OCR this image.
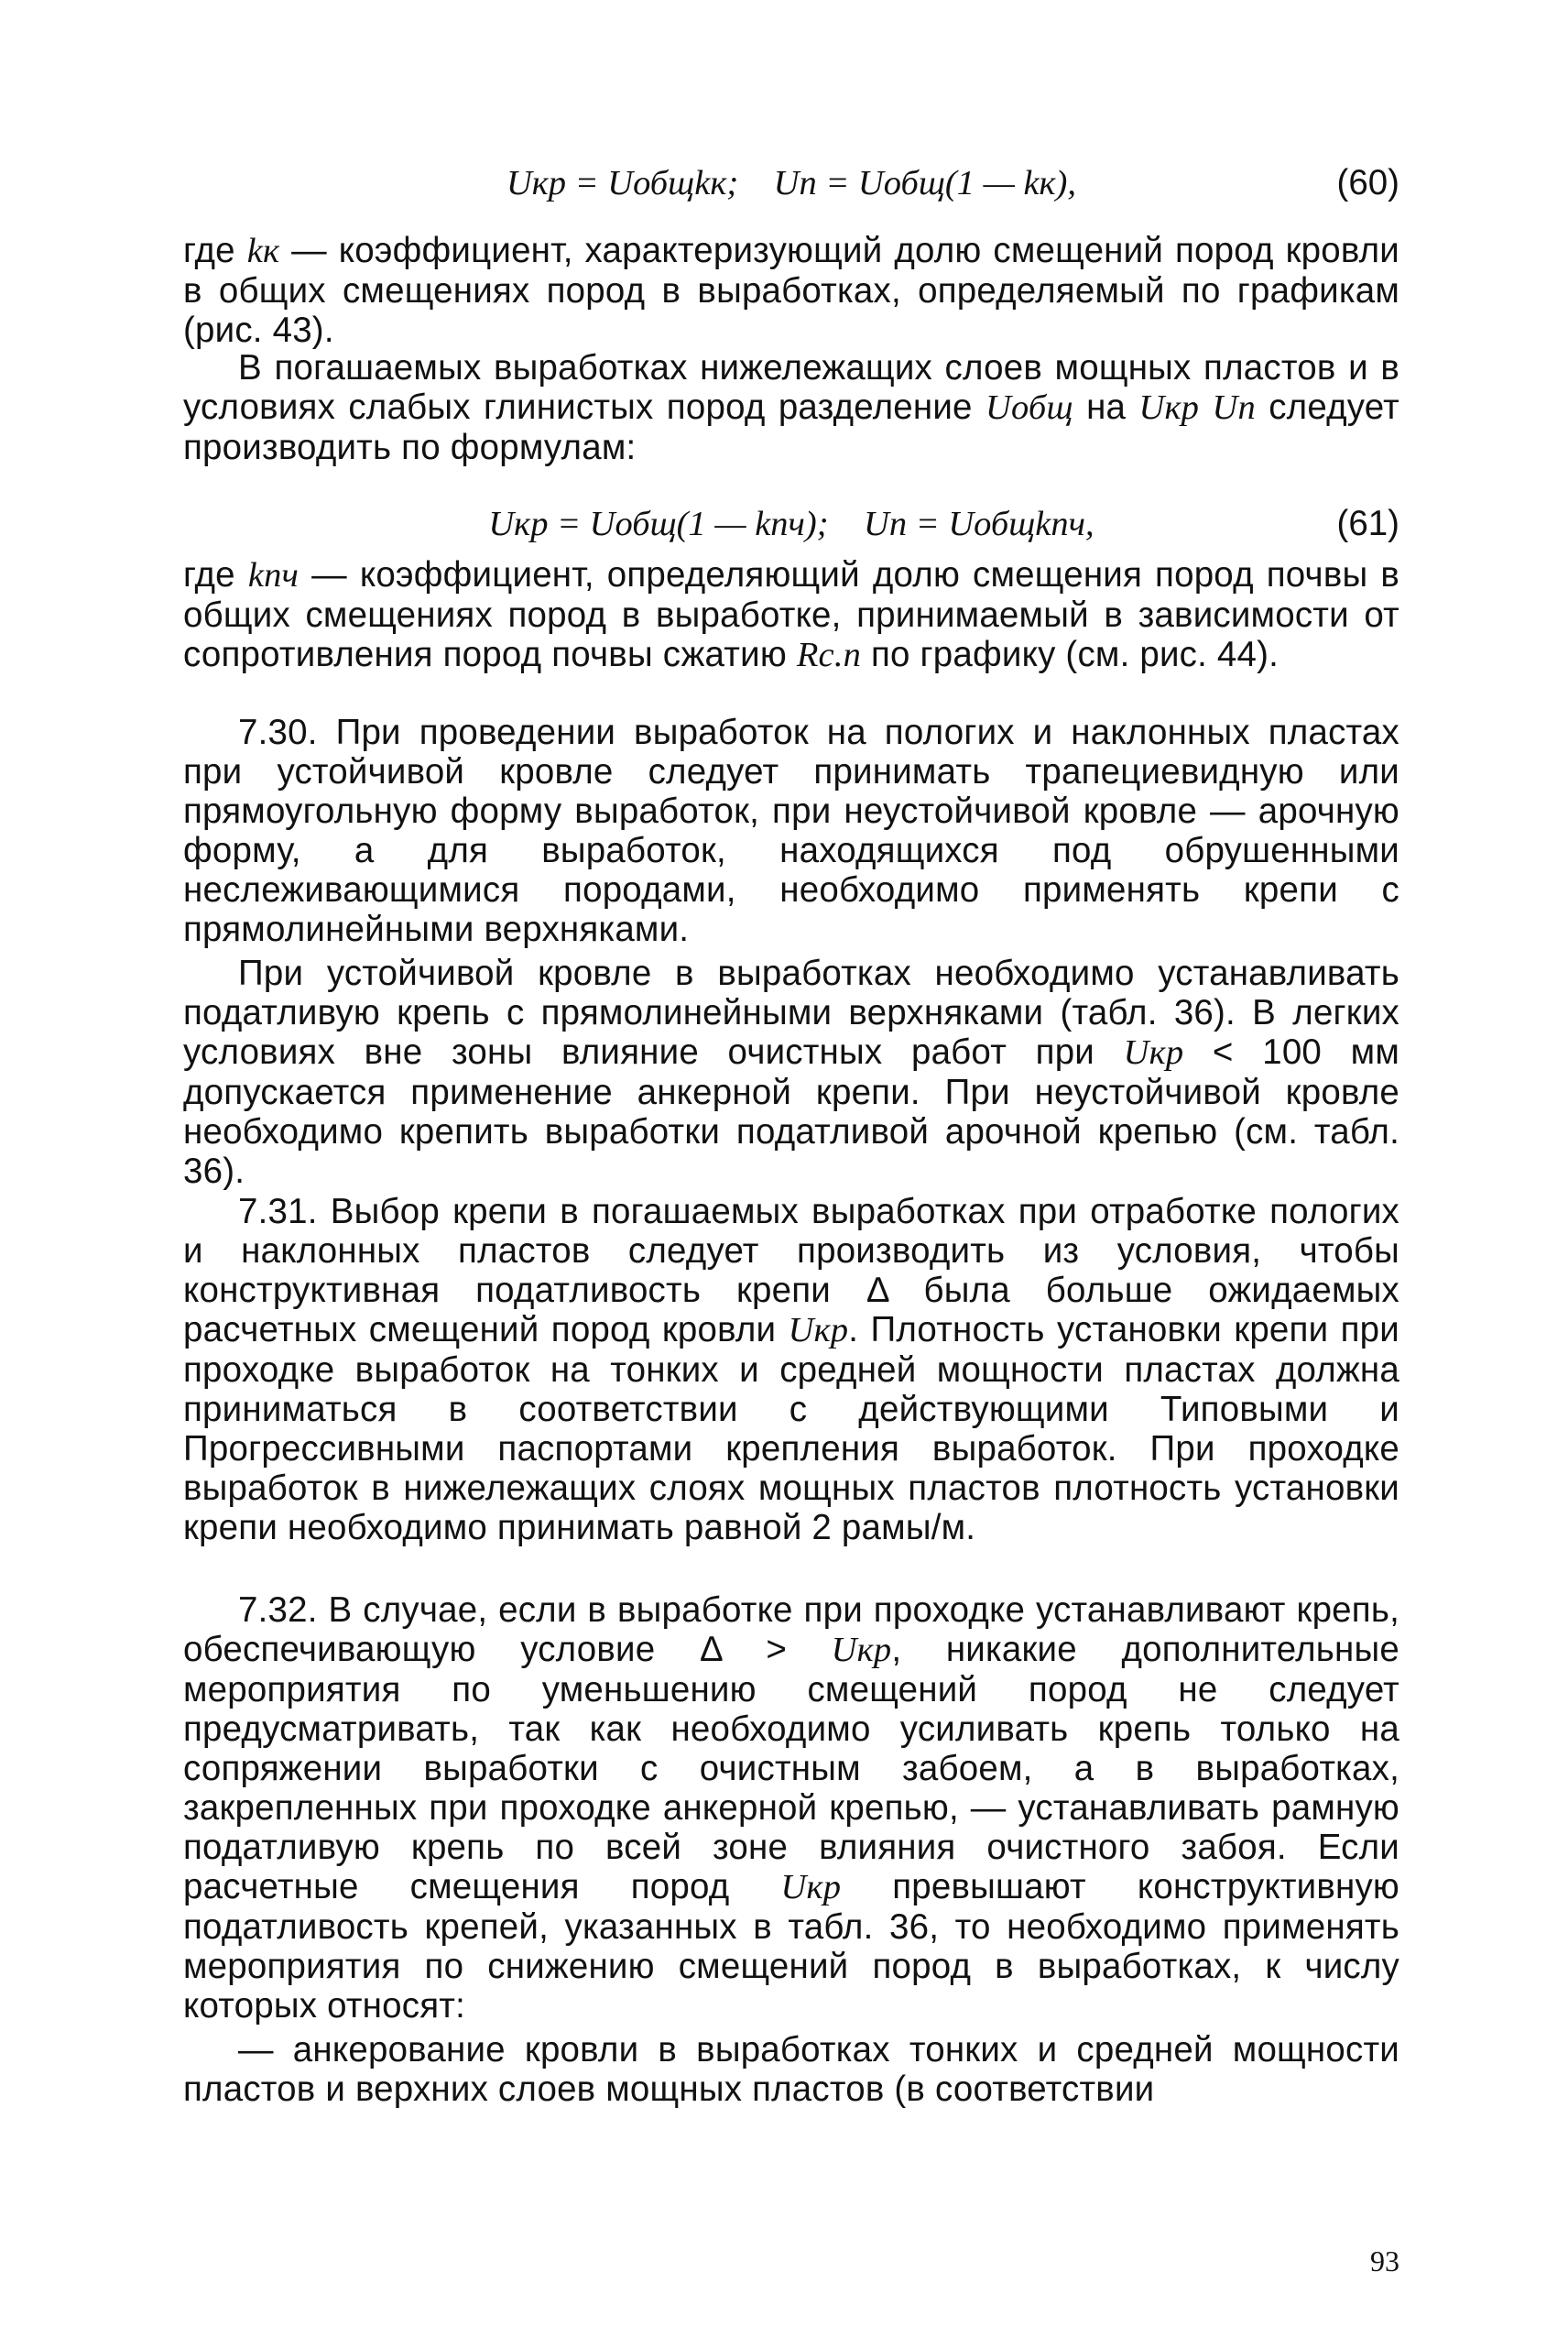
Uкр = Uобщkк;    Uп = Uобщ(1 — kк),	(60)

где kк — коэффициент, характеризующий долю смещений пород кровли в общих смещениях пород в выработках, определяемый по графикам (рис. 43).

В погашаемых выработках нижележащих слоев мощных пластов и в условиях слабых глинистых пород разделение Uобщ на Uкр Uп следует производить по формулам:

Uкр = Uобщ(1 — kпч);    Uп = Uобщkпч,	(61)

где kпч — коэффициент, определяющий долю смещения пород почвы в общих смещениях пород в выработке, принимаемый в зависимости от сопротивления пород почвы сжатию Rс.п по графику (см. рис. 44).

7.30. При проведении выработок на пологих и наклонных пластах при устойчивой кровле следует принимать трапециевидную или прямоугольную форму выработок, при неустойчивой кровле — арочную форму, а для выработок, находящихся под обрушенными неслеживающимися породами, необходимо применять крепи с прямолинейными верхняками.

При устойчивой кровле в выработках необходимо устанавливать податливую крепь с прямолинейными верхняками (табл. 36). В легких условиях вне зоны влияние очистных работ при Uкр < 100 мм допускается применение анкерной крепи. При неустойчивой кровле необходимо крепить выработки податливой арочной крепью (см. табл. 36).

7.31. Выбор крепи в погашаемых выработках при отработке пологих и наклонных пластов следует производить из условия, чтобы конструктивная податливость крепи Δ была больше ожидаемых расчетных смещений пород кровли Uкр. Плотность установки крепи при проходке выработок на тонких и средней мощности пластах должна приниматься в соответствии с действующими Типовыми и Прогрессивными паспортами крепления выработок. При проходке выработок в нижележащих слоях мощных пластов плотность установки крепи необходимо принимать равной 2 рамы/м.

7.32. В случае, если в выработке при проходке устанавливают крепь, обеспечивающую условие Δ > Uкр, никакие дополнительные мероприятия по уменьшению смещений пород не следует предусматривать, так как необходимо усиливать крепь только на сопряжении выработки с очистным забоем, а в выработках, закрепленных при проходке анкерной крепью, — устанавливать рамную податливую крепь по всей зоне влияния очистного забоя. Если расчетные смещения пород Uкр превышают конструктивную податливость крепей, указанных в табл. 36, то необходимо применять мероприятия по снижению смещений пород в выработках, к числу которых относят:

— анкерование кровли в выработках тонких и средней мощности пластов и верхних слоев мощных пластов (в соответствии

93
